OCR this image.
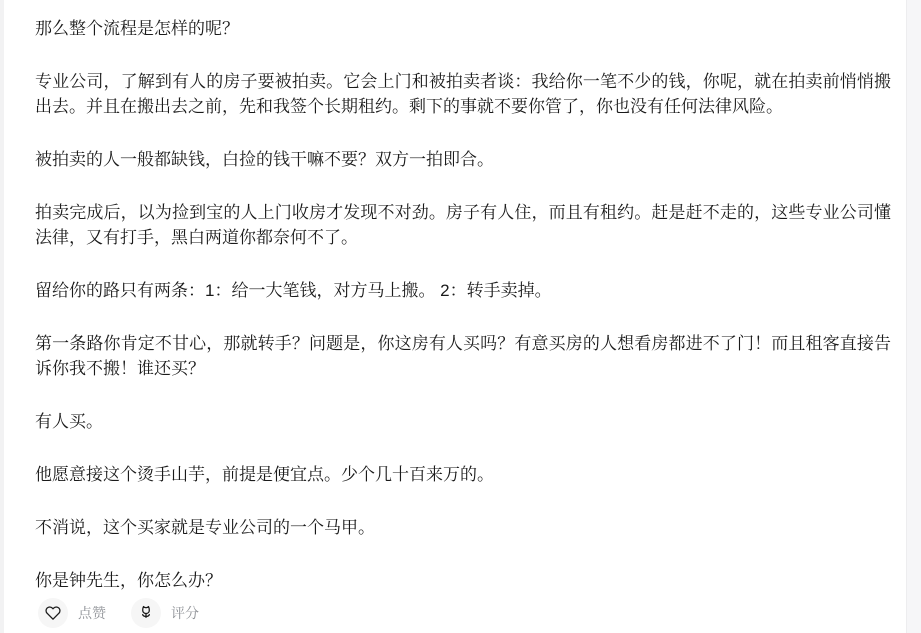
那么整个流程是怎样的呢？

专业公司，了解到有人的房子要被拍卖。它会上门和被拍卖者谈：我给你一笔不少的钱，你呢，就在拍卖前悄悄搬出去。并且在搬出去之前，先和我签个长期租约。剩下的事就不要你管了，你也没有任何法律风险。

被拍卖的人一般都缺钱，白捡的钱干嘛不要？双方一拍即合。

拍卖完成后，以为捡到宝的人上门收房才发现不对劲。房子有人住，而且有租约。赶是赶不走的，这些专业公司懂法律，又有打手，黑白两道你都奈何不了。

留给你的路只有两条：1：给一大笔钱，对方马上搬。 2：转手卖掉。

第一条路你肯定不甘心，那就转手？问题是，你这房有人买吗？有意买房的人想看房都进不了门！而且租客直接告诉你我不搬！谁还买？

有人买。

他愿意接这个烫手山芋，前提是便宜点。少个几十百来万的。

不消说，这个买家就是专业公司的一个马甲。

你是钟先生，你怎么办？

点赞	评分
